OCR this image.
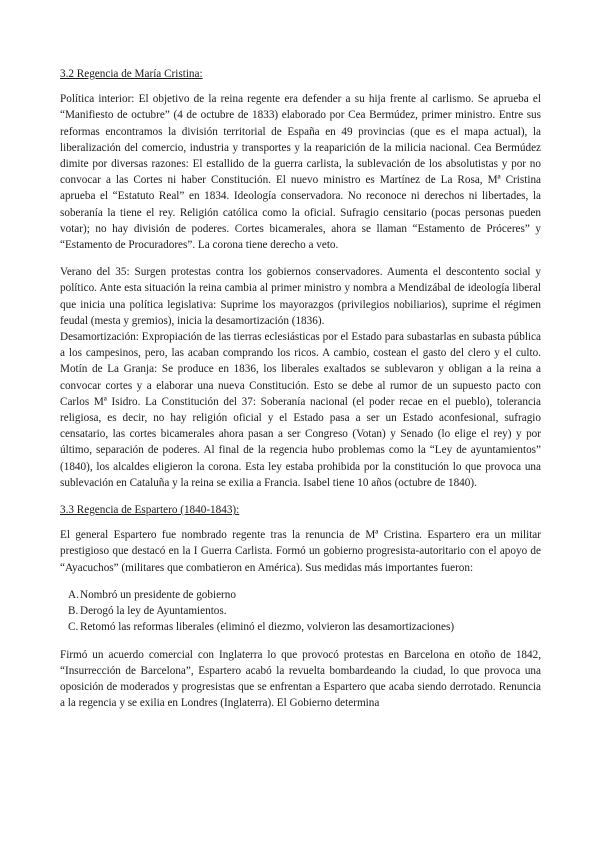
3.2 Regencia de María Cristina:

Política interior: El objetivo de la reina regente era defender a su hija frente al carlismo. Se aprueba el “Manifiesto de octubre” (4 de octubre de 1833) elaborado por Cea Bermúdez, primer ministro. Entre sus reformas encontramos la división territorial de España en 49 provincias (que es el mapa actual), la liberalización del comercio, industria y transportes y la reaparición de la milicia nacional. Cea Bermúdez dimite por diversas razones: El estallido de la guerra carlista, la sublevación de los absolutistas y por no convocar a las Cortes ni haber Constitución. El nuevo ministro es Martínez de La Rosa, Mª Cristina aprueba el “Estatuto Real” en 1834. Ideología conservadora. No reconoce ni derechos ni libertades, la soberanía la tiene el rey. Religión católica como la oficial. Sufragio censitario (pocas personas pueden votar); no hay división de poderes. Cortes bicamerales, ahora se llaman “Estamento de Próceres” y “Estamento de Procuradores”. La corona tiene derecho a veto.

Verano del 35: Surgen protestas contra los gobiernos conservadores. Aumenta el descontento social y político. Ante esta situación la reina cambia al primer ministro y nombra a Mendizábal de ideología liberal que inicia una política legislativa: Suprime los mayorazgos (privilegios nobiliarios), suprime el régimen feudal (mesta y gremios), inicia la desamortización (1836).

Desamortización: Expropiación de las tierras eclesiásticas por el Estado para subastarlas en subasta pública a los campesinos, pero, las acaban comprando los ricos. A cambio, costean el gasto del clero y el culto. Motín de La Granja: Se produce en 1836, los liberales exaltados se sublevaron y obligan a la reina a convocar cortes y a elaborar una nueva Constitución. Esto se debe al rumor de un supuesto pacto con Carlos Mª Isidro. La Constitución del 37: Soberanía nacional (el poder recae en el pueblo), tolerancia religiosa, es decir, no hay religión oficial y el Estado pasa a ser un Estado aconfesional, sufragio censatario, las cortes bicamerales ahora pasan a ser Congreso (Votan) y Senado (lo elige el rey) y por último, separación de poderes. Al final de la regencia hubo problemas como la “Ley de ayuntamientos” (1840), los alcaldes eligieron la corona. Esta ley estaba prohibida por la constitución lo que provoca una sublevación en Cataluña y la reina se exilia a Francia. Isabel tiene 10 años (octubre de 1840).

3.3 Regencia de Espartero (1840-1843):

El general Espartero fue nombrado regente tras la renuncia de Mª Cristina. Espartero era un militar prestigioso que destacó en la I Guerra Carlista. Formó un gobierno progresista-autoritario con el apoyo de “Ayacuchos” (militares que combatieron en América). Sus medidas más importantes fueron:

A. Nombró un presidente de gobierno
B. Derogó la ley de Ayuntamientos.
C. Retomó las reformas liberales (eliminó el diezmo, volvieron las desamortizaciones)

Firmó un acuerdo comercial con Inglaterra lo que provocó protestas en Barcelona en otoño de 1842, “Insurrección de Barcelona”, Espartero acabó la revuelta bombardeando la ciudad, lo que provoca una oposición de moderados y progresistas que se enfrentan a Espartero que acaba siendo derrotado. Renuncia a la regencia y se exilia en Londres (Inglaterra). El Gobierno determina
